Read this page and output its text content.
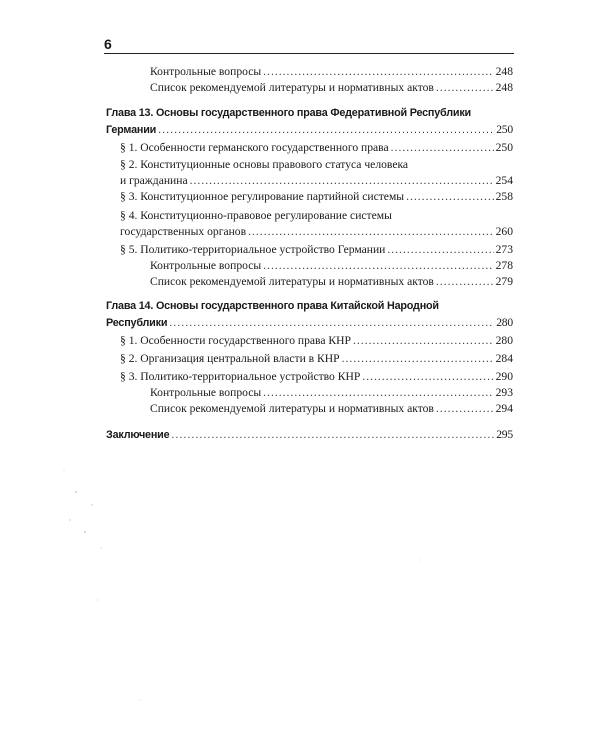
6
Контрольные вопросы .....	248
Список рекомендуемой литературы и нормативных актов .....	248
Глава 13. Основы государственного права Федеративной Республики
Германии .....	250
§ 1. Особенности германского государственного права .....	250
§ 2. Конституционные основы правового статуса человека
и гражданина .....	254
§ 3. Конституционное регулирование партийной системы .....	258
§ 4. Конституционно-правовое регулирование системы
государственных органов .....	260
§ 5. Политико-территориальное устройство Германии .....	273
Контрольные вопросы .....	278
Список рекомендуемой литературы и нормативных актов .....	279
Глава 14. Основы государственного права Китайской Народной
Республики .....	280
§ 1. Особенности государственного права КНР .....	280
§ 2. Организация центральной власти в КНР .....	284
§ 3. Политико-территориальное устройство КНР .....	290
Контрольные вопросы .....	293
Список рекомендуемой литературы и нормативных актов .....	294
Заключение .....	295
